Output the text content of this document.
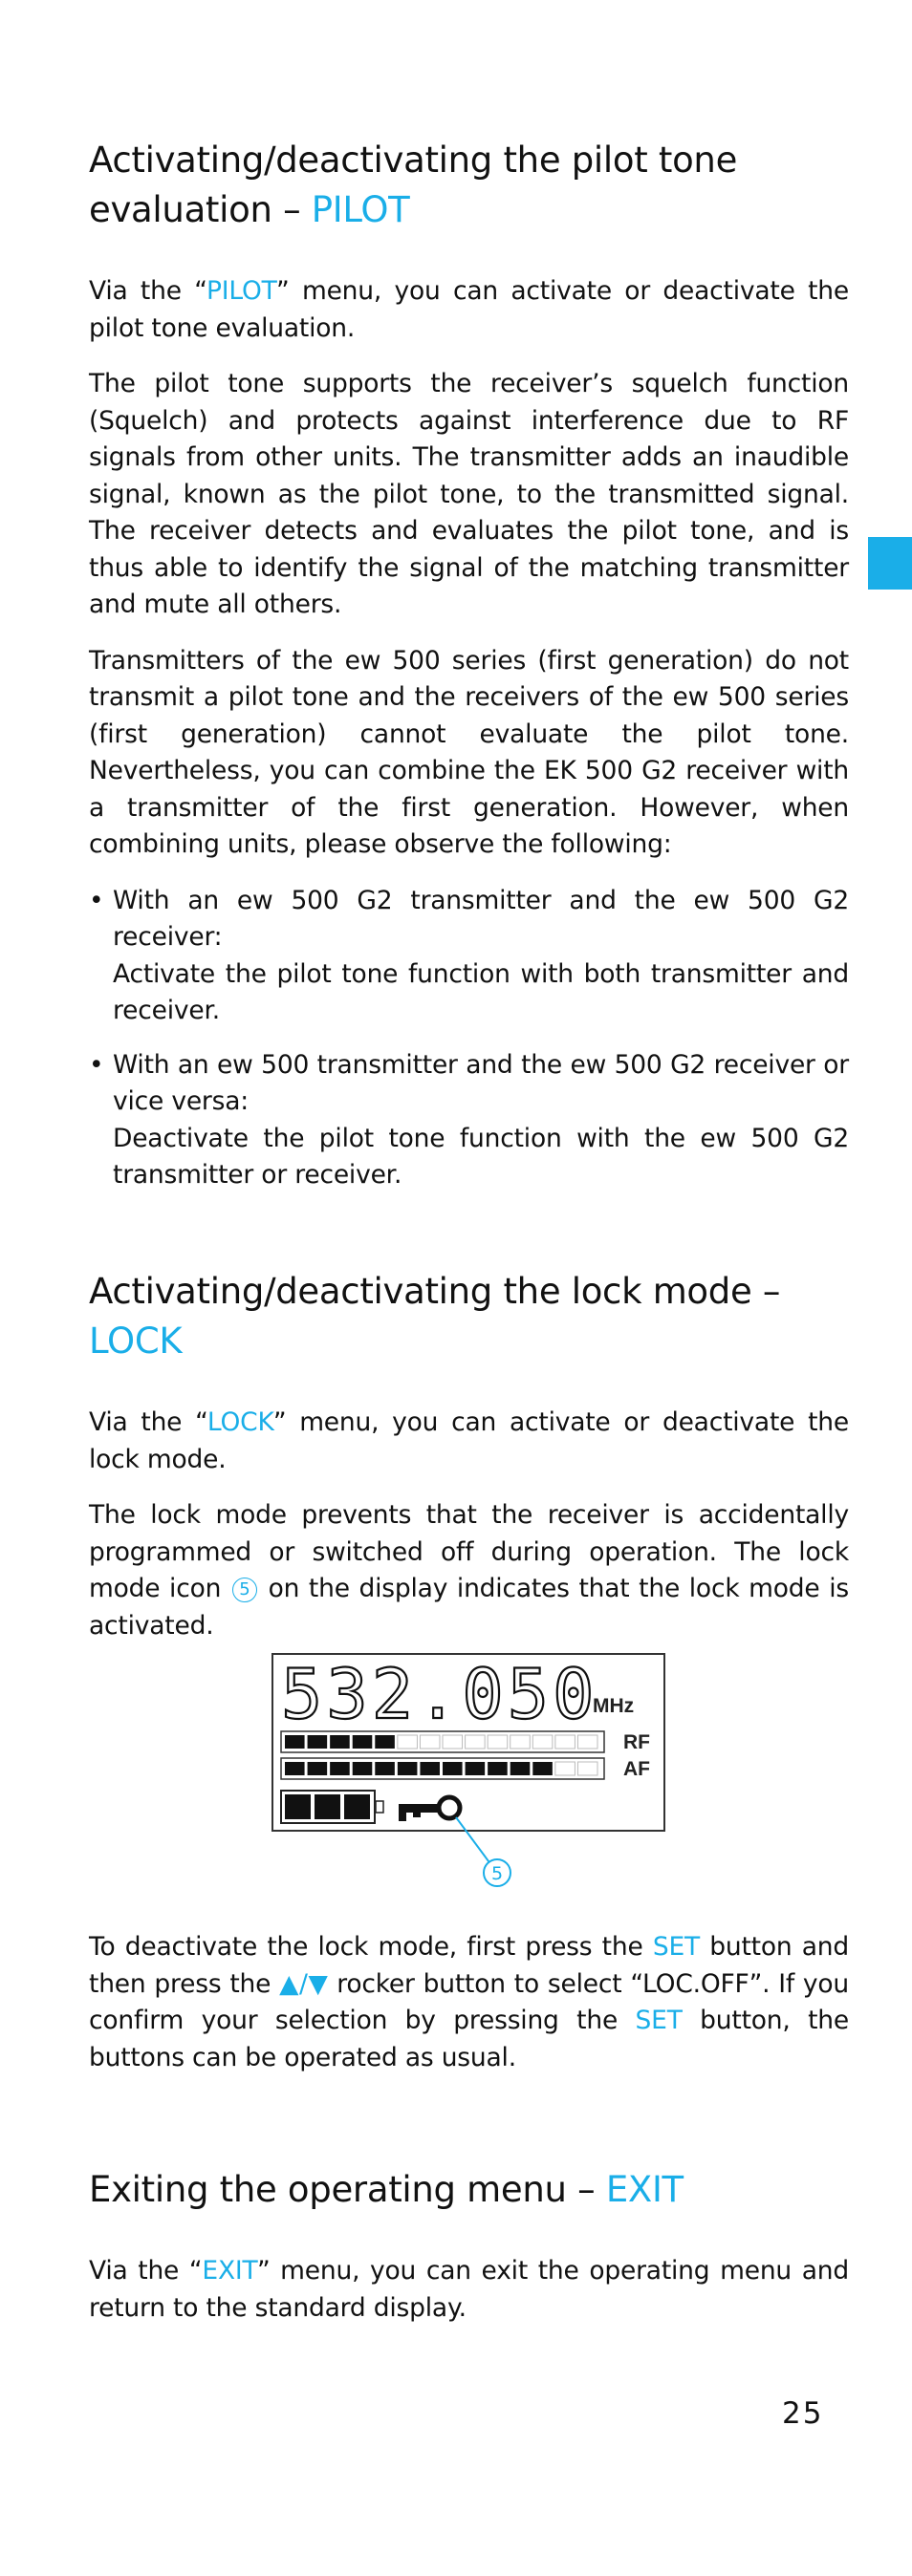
Activating/deactivating the pilot tone
evaluation – PILOT

Via the “PILOT” menu, you can activate or deactivate the pilot tone evaluation.

The pilot tone supports the receiver’s squelch function (Squelch) and protects against interference due to RF signals from other units. The transmitter adds an inaudible signal, known as the pilot tone, to the transmitted signal. The receiver detects and evaluates the pilot tone, and is thus able to identify the signal of the matching transmitter and mute all others.

Transmitters of the ew 500 series (first generation) do not transmit a pilot tone and the receivers of the ew 500 series (first generation) cannot evaluate the pilot tone. Nevertheless, you can combine the EK 500 G2 receiver with a transmitter of the first generation. However, when combining units, please observe the following:

• With an ew 500 G2 transmitter and the ew 500 G2 receiver:
Activate the pilot tone function with both transmitter and receiver.
• With an ew 500 transmitter and the ew 500 G2 receiver or vice versa:
Deactivate the pilot tone function with the ew 500 G2 transmitter or receiver.
Activating/deactivating the lock mode – LOCK

Via the “LOCK” menu, you can activate or deactivate the lock mode.

The lock mode prevents that the receiver is accidentally programmed or switched off during operation. The lock mode icon 5 on the display indicates that the lock mode is activated.

To deactivate the lock mode, first press the SET button and then press the ▲/▼ rocker button to select “LOC.OFF”. If you confirm your selection by pressing the SET button, the buttons can be operated as usual.

Exiting the operating menu – EXIT

Via the “EXIT” menu, you can exit the operating menu and return to the standard display.

532.050
MHz
RF
AF
5
25
